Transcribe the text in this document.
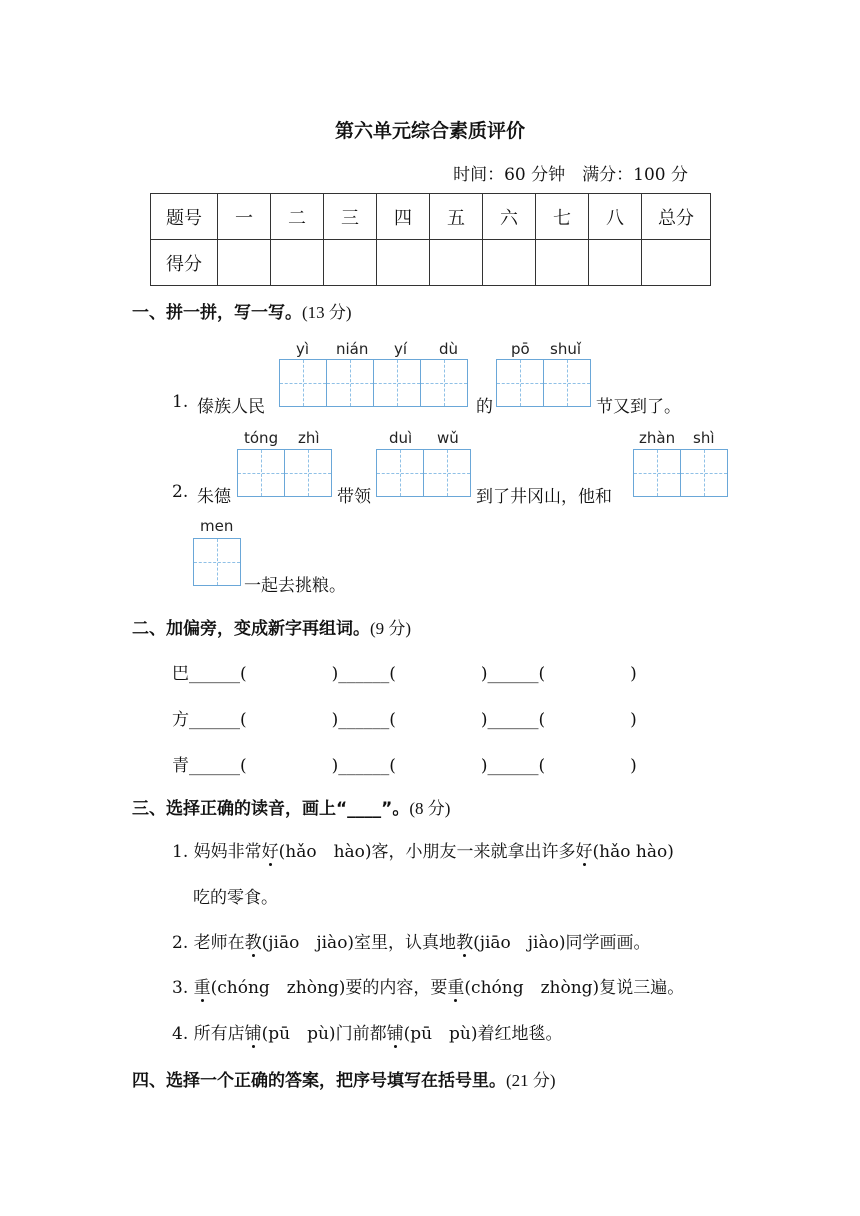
第六单元综合素质评价
时间：60 分钟　满分：100 分
题号	一	二	三	四	五	六	七	八	总分
得分									
一、拼一拼，写一写。(13 分)
yì nián yí dù	pō shuǐ
1. 傣族人民	的	节又到了。
tóng zhì	duì wǔ	zhàn shì
2. 朱德	带领	到了井冈山，他和
men
一起去挑粮。
二、加偏旁，变成新字再组词。(9 分)
巴______(　　　　　)______(　　　　　)______(　　　　　)
方______(　　　　　)______(　　　　　)______(　　　　　)
青______(　　　　　)______(　　　　　)______(　　　　　)
三、选择正确的读音，画上“____”。(8 分)
1. 妈妈非常好(hǎo　hào)客，小朋友一来就拿出许多好(hǎo hào)
吃的零食。
2. 老师在教(jiāo　jiào)室里，认真地教(jiāo　jiào)同学画画。
3. 重(chóng　zhòng)要的内容，要重(chóng　zhòng)复说三遍。
4. 所有店铺(pū　pù)门前都铺(pū　pù)着红地毯。
四、选择一个正确的答案，把序号填写在括号里。(21 分)
